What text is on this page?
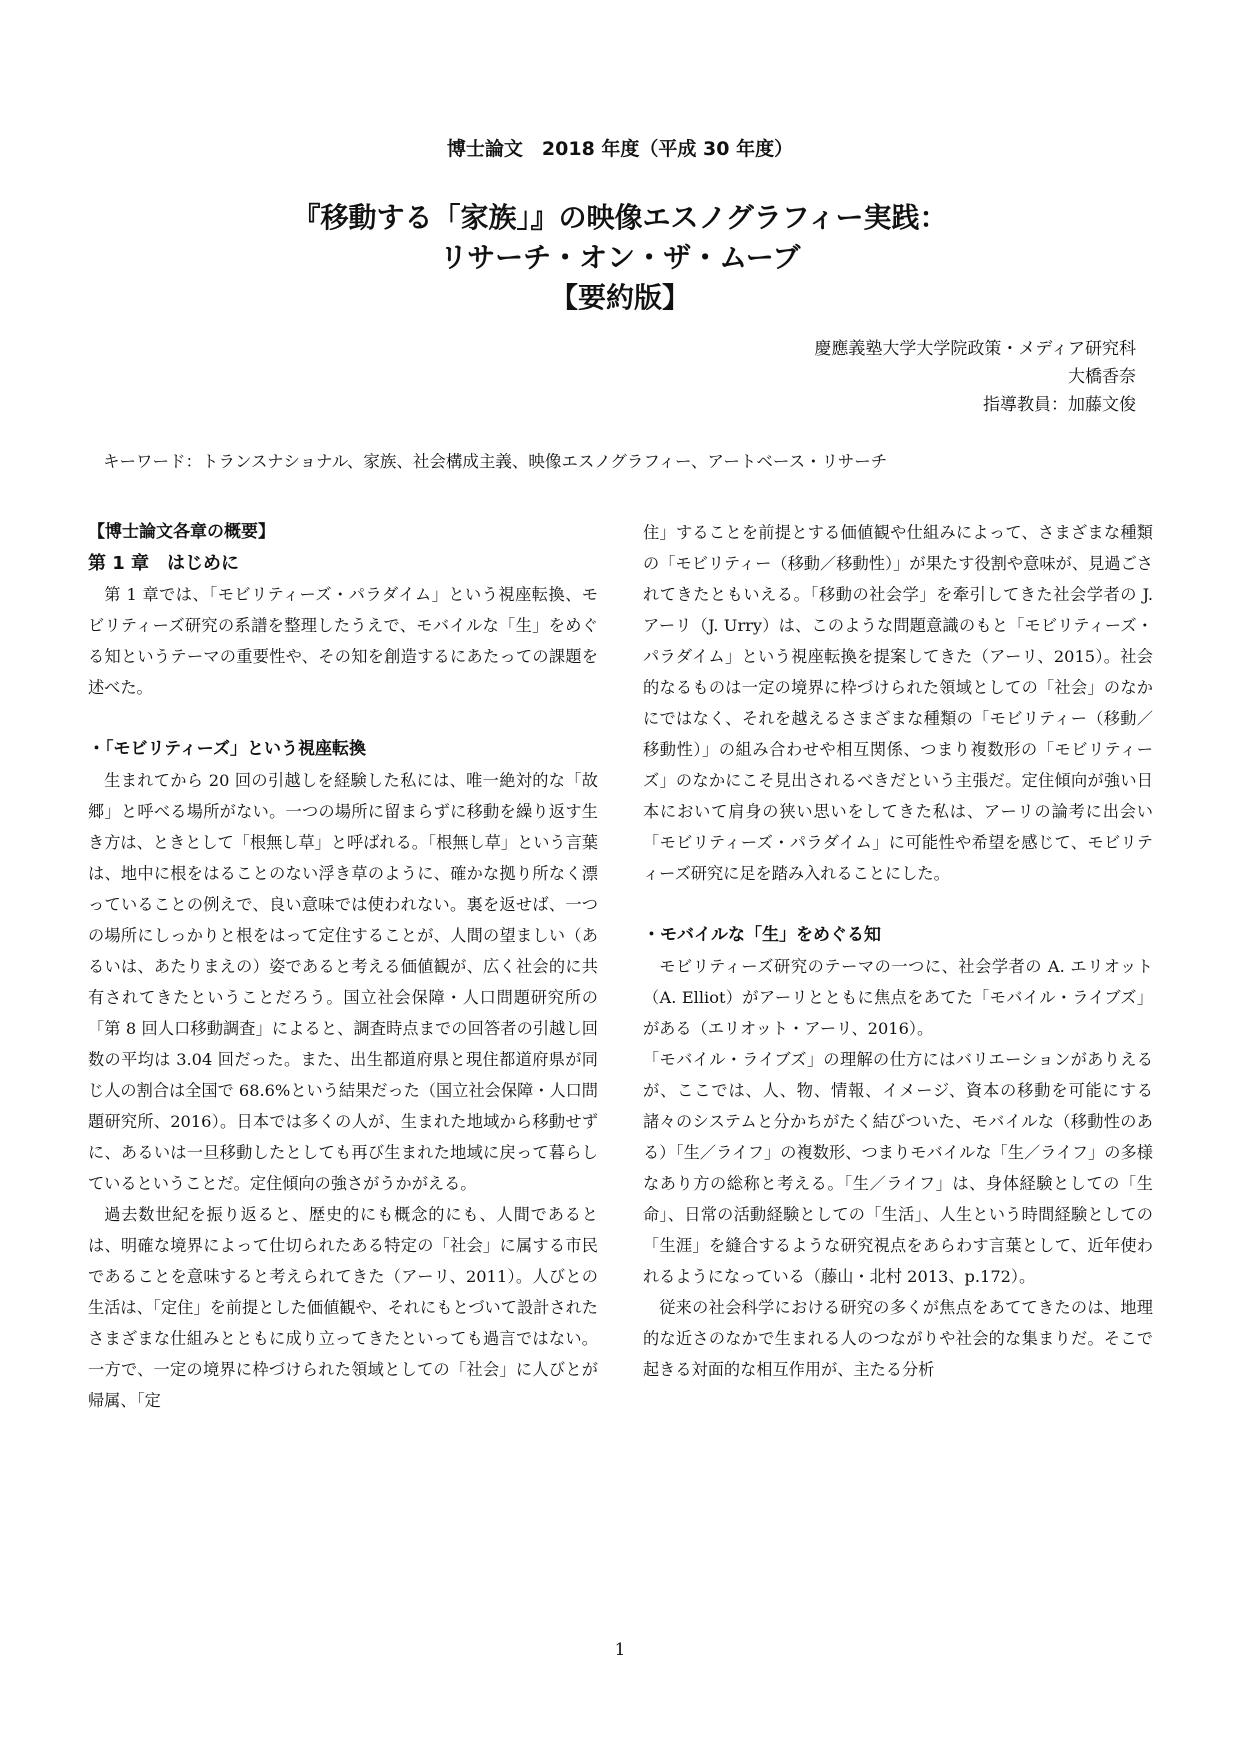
博士論文　2018 年度（平成 30 年度）
『移動する「家族」』の映像エスノグラフィー実践：
リサーチ・オン・ザ・ムーブ
【要約版】
慶應義塾大学大学院政策・メディア研究科
大橋香奈
指導教員：加藤文俊
キーワード：トランスナショナル、家族、社会構成主義、映像エスノグラフィー、アートベース・リサーチ
【博士論文各章の概要】
第 1 章　はじめに

第 1 章では、「モビリティーズ・パラダイム」という視座転換、モビリティーズ研究の系譜を整理したうえで、モバイルな「生」をめぐる知というテーマの重要性や、その知を創造するにあたっての課題を述べた。

・「モビリティーズ」という視座転換

生まれてから 20 回の引越しを経験した私には、唯一絶対的な「故郷」と呼べる場所がない。一つの場所に留まらずに移動を繰り返す生き方は、ときとして「根無し草」と呼ばれる。「根無し草」という言葉は、地中に根をはることのない浮き草のように、確かな拠り所なく漂っていることの例えで、良い意味では使われない。裏を返せば、一つの場所にしっかりと根をはって定住することが、人間の望ましい（あるいは、あたりまえの）姿であると考える価値観が、広く社会的に共有されてきたということだろう。国立社会保障・人口問題研究所の「第 8 回人口移動調査」によると、調査時点までの回答者の引越し回数の平均は 3.04 回だった。また、出生都道府県と現住都道府県が同じ人の割合は全国で 68.6%という結果だった（国立社会保障・人口問題研究所、2016）。日本では多くの人が、生まれた地域から移動せずに、あるいは一旦移動したとしても再び生まれた地域に戻って暮らしているということだ。定住傾向の強さがうかがえる。

過去数世紀を振り返ると、歴史的にも概念的にも、人間であるとは、明確な境界によって仕切られたある特定の「社会」に属する市民であることを意味すると考えられてきた（アーリ、2011）。人びとの生活は、「定住」を前提とした価値観や、それにもとづいて設計されたさまざまな仕組みとともに成り立ってきたといっても過言ではない。一方で、一定の境界に枠づけられた領域としての「社会」に人びとが帰属、「定

住」することを前提とする価値観や仕組みによって、さまざまな種類の「モビリティー（移動／移動性）」が果たす役割や意味が、見過ごされてきたともいえる。「移動の社会学」を牽引してきた社会学者の J. アーリ（J. Urry）は、このような問題意識のもと「モビリティーズ・パラダイム」という視座転換を提案してきた（アーリ、2015）。社会的なるものは一定の境界に枠づけられた領域としての「社会」のなかにではなく、それを越えるさまざまな種類の「モビリティー（移動／移動性）」の組み合わせや相互関係、つまり複数形の「モビリティーズ」のなかにこそ見出されるべきだという主張だ。定住傾向が強い日本において肩身の狭い思いをしてきた私は、アーリの論考に出会い「モビリティーズ・パラダイム」に可能性や希望を感じて、モビリティーズ研究に足を踏み入れることにした。

・モバイルな「生」をめぐる知

モビリティーズ研究のテーマの一つに、社会学者の A. エリオット（A. Elliot）がアーリとともに焦点をあてた「モバイル・ライブズ」がある（エリオット・アーリ、2016）。

「モバイル・ライブズ」の理解の仕方にはバリエーションがありえるが、ここでは、人、物、情報、イメージ、資本の移動を可能にする諸々のシステムと分かちがたく結びついた、モバイルな（移動性のある）「生／ライフ」の複数形、つまりモバイルな「生／ライフ」の多様なあり方の総称と考える。「生／ライフ」は、身体経験としての「生命」、日常の活動経験としての「生活」、人生という時間経験としての「生涯」を縫合するような研究視点をあらわす言葉として、近年使われるようになっている（藤山・北村 2013、p.172）。

従来の社会科学における研究の多くが焦点をあててきたのは、地理的な近さのなかで生まれる人のつながりや社会的な集まりだ。そこで起きる対面的な相互作用が、主たる分析

1
